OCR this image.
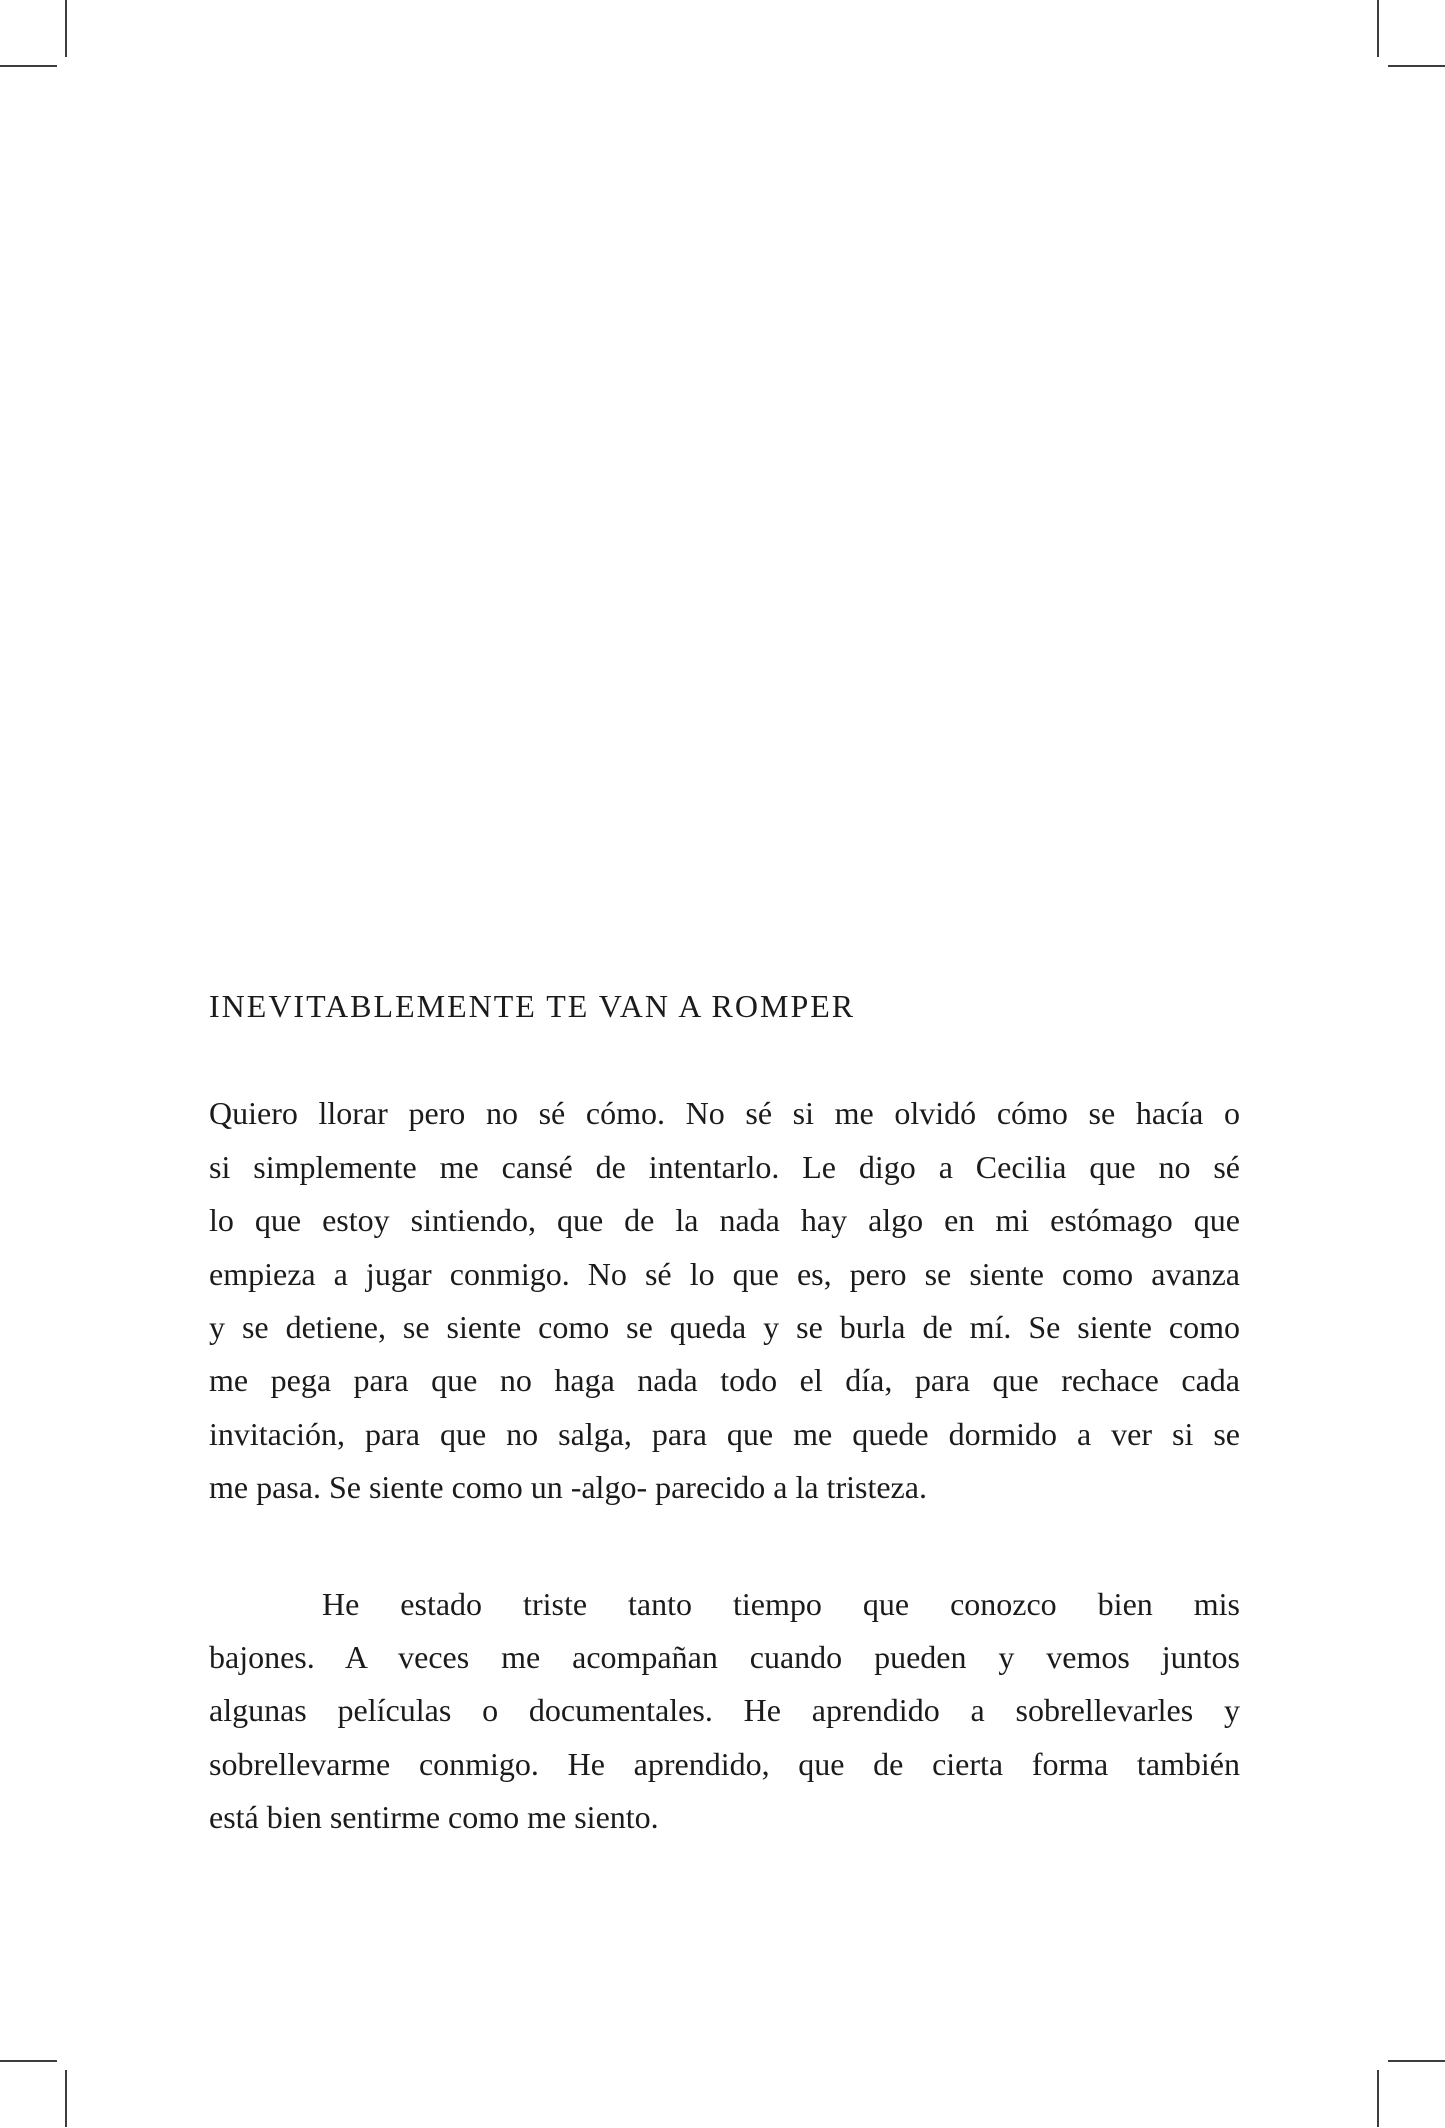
INEVITABLEMENTE TE VAN A ROMPER
Quiero llorar pero no sé cómo. No sé si me olvidó cómo se hacía o
si simplemente me cansé de intentarlo. Le digo a Cecilia que no sé
lo que estoy sintiendo, que de la nada hay algo en mi estómago que
empieza a jugar conmigo. No sé lo que es, pero se siente como avanza
y se detiene, se siente como se queda y se burla de mí. Se siente como
me pega para que no haga nada todo el día, para que rechace cada
invitación, para que no salga, para que me quede dormido a ver si se
me pasa. Se siente como un -algo- parecido a la tristeza.
He estado triste tanto tiempo que conozco bien mis
bajones. A veces me acompañan cuando pueden y vemos juntos
algunas películas o documentales. He aprendido a sobrellevarles y
sobrellevarme conmigo. He aprendido, que de cierta forma también
está bien sentirme como me siento.
